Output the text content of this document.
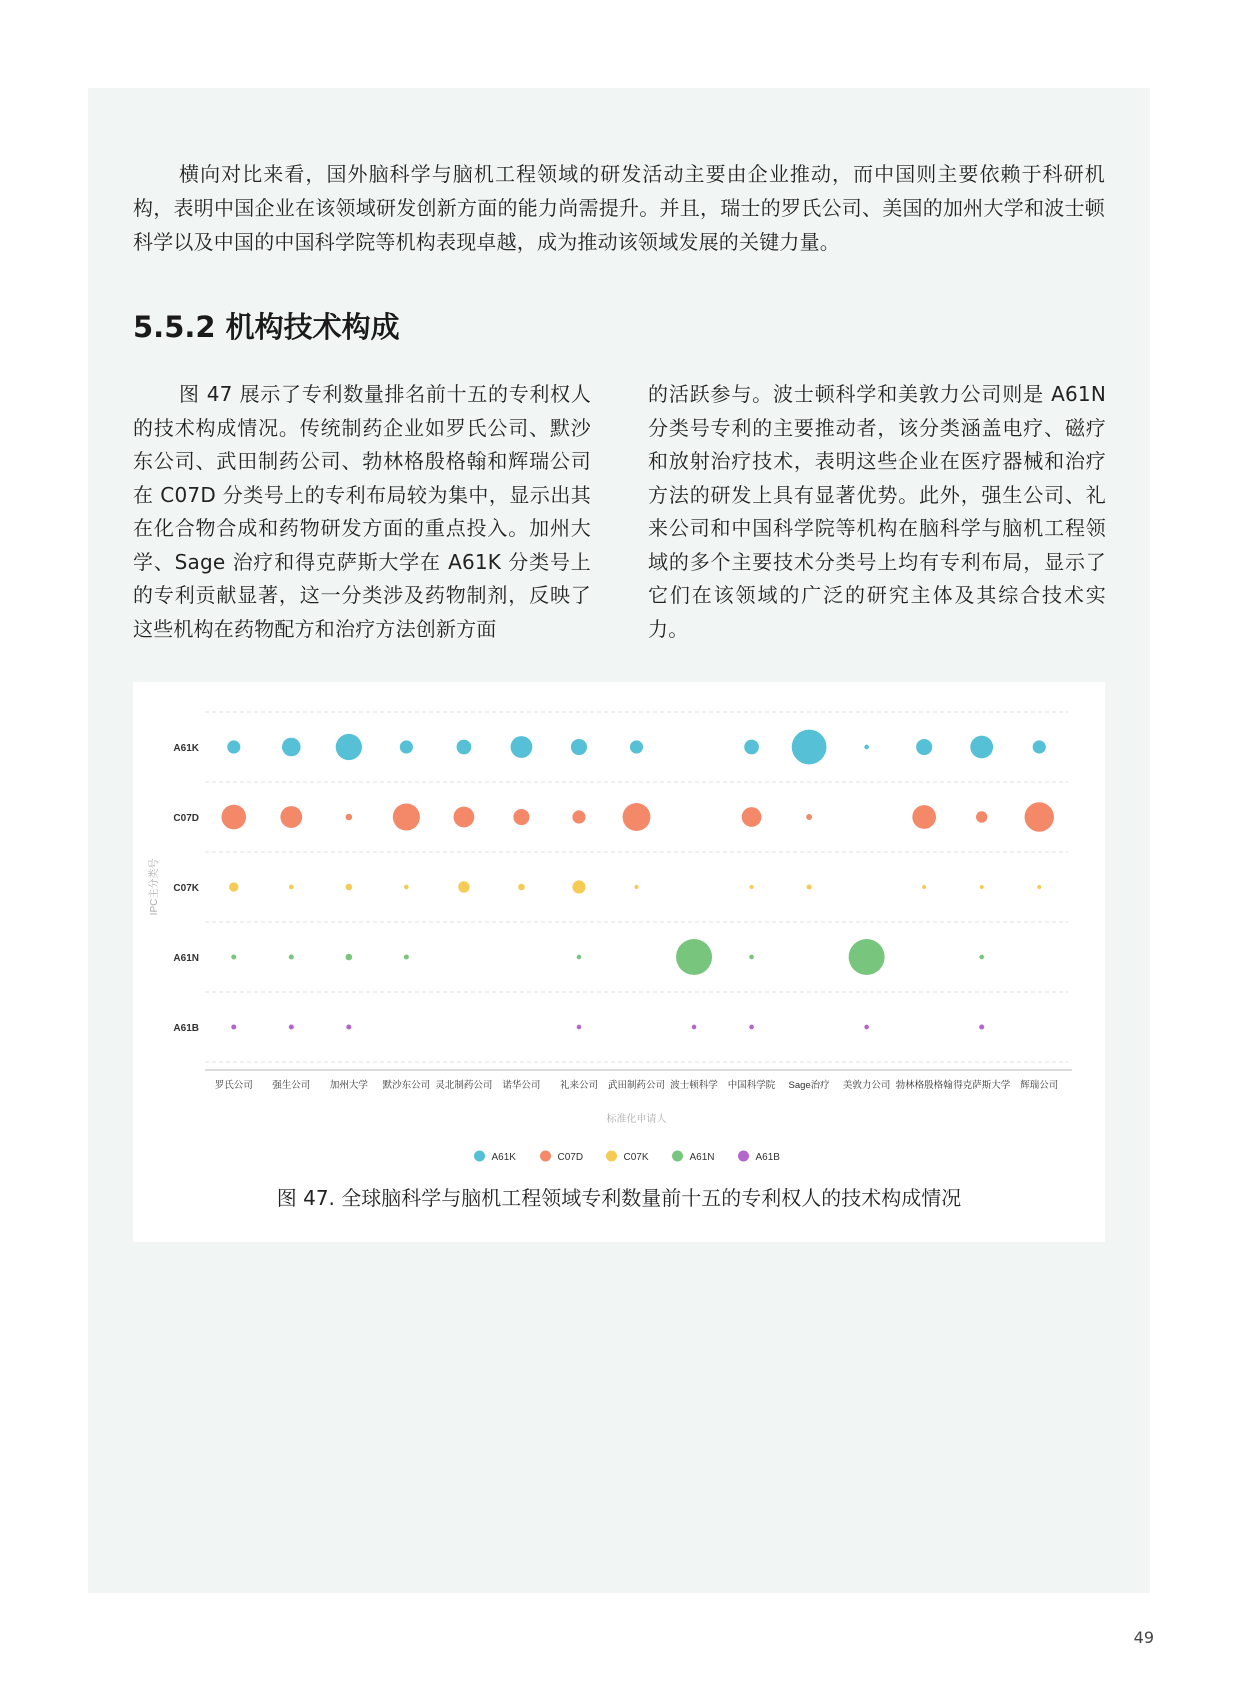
横向对比来看，国外脑科学与脑机工程领域的研发活动主要由企业推动，而中国则主要依赖于科研机构，表明中国企业在该领域研发创新方面的能力尚需提升。并且，瑞士的罗氏公司、美国的加州大学和波士顿科学以及中国的中国科学院等机构表现卓越，成为推动该领域发展的关键力量。

5.5.2 机构技术构成

图 47 展示了专利数量排名前十五的专利权人的技术构成情况。传统制药企业如罗氏公司、默沙东公司、武田制药公司、勃林格殷格翰和辉瑞公司在 C07D 分类号上的专利布局较为集中，显示出其在化合物合成和药物研发方面的重点投入。加州大学、Sage 治疗和得克萨斯大学在 A61K 分类号上的专利贡献显著，这一分类涉及药物制剂，反映了这些机构在药物配方和治疗方法创新方面

的活跃参与。波士顿科学和美敦力公司则是 A61N 分类号专利的主要推动者，该分类涵盖电疗、磁疗和放射治疗技术，表明这些企业在医疗器械和治疗方法的研发上具有显著优势。此外，强生公司、礼来公司和中国科学院等机构在脑科学与脑机工程领域的多个主要技术分类号上均有专利布局，显示了它们在该领域的广泛的研究主体及其综合技术实力。

A61K
C07D
C07K
A61N
A61B
IPC主分类号
罗氏公司 强生公司 加州大学 默沙东公司 灵北制药公司 诺华公司 礼来公司 武田制药公司 波士顿科学 中国科学院 Sage治疗 美敦力公司 勃林格殷格翰 得克萨斯大学 辉瑞公司
标准化申请人
A61K	C07D	C07K	A61N	A61B
图 47. 全球脑科学与脑机工程领域专利数量前十五的专利权人的技术构成情况
49
